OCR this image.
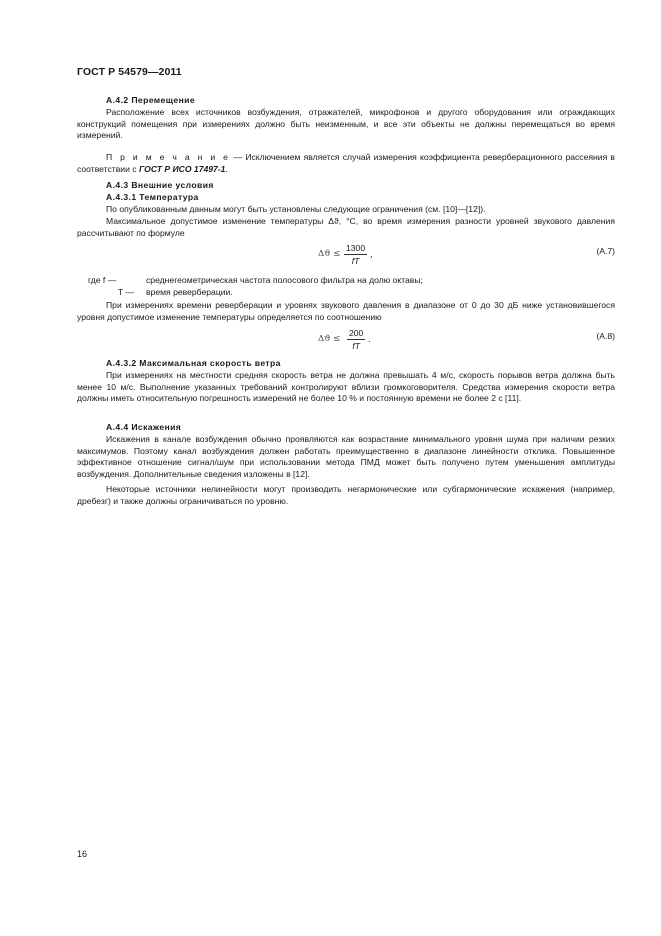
ГОСТ Р 54579—2011
А.4.2 Перемещение
Расположение всех источников возбуждения, отражателей, микрофонов и другого оборудования или ограждающих конструкций помещения при измерениях должно быть неизменным, и все эти объекты не должны перемещаться во время измерений.
П р и м е ч а н и е — Исключением является случай измерения коэффициента реверберационного рассеяния в соответствии с ГОСТ Р ИСО 17497-1.
А.4.3 Внешние условия
А.4.3.1 Температура
По опубликованным данным могут быть установлены следующие ограничения (см. [10]—[12]).
Максимальное допустимое изменение температуры Δϑ, °С, во время измерения разности уровней звукового давления рассчитывают по формуле
$\Delta ϑ \le \frac{1300}{fT}$ ,	(А.7)
где f —	среднегеометрическая частота полосового фильтра на долю октавы;
T —	время реверберации.
При измерениях времени реверберации и уровнях звукового давления в диапазоне от 0 до 30 дБ ниже установившегося уровня допустимое изменение температуры определяется по соотношению
$\Delta ϑ \le \frac{200}{fT}$ .	(А.8)
А.4.3.2 Максимальная скорость ветра
При измерениях на местности средняя скорость ветра не должна превышать 4 м/с, скорость порывов ветра должна быть менее 10 м/с. Выполнение указанных требований контролируют вблизи громкоговорителя. Средства измерения скорости ветра должны иметь относительную погрешность измерений не более 10 % и постоянную времени не более 2 с [11].
А.4.4 Искажения
Искажения в канале возбуждения обычно проявляются как возрастание минимального уровня шума при наличии резких максимумов. Поэтому канал возбуждения должен работать преимущественно в диапазоне линейности отклика. Повышенное эффективное отношение сигнал/шум при использовании метода ПМД может быть получено путем уменьшения амплитуды возбуждения. Дополнительные сведения изложены в [12].
Некоторые источники нелинейности могут производить негармонические или субгармонические искажения (например, дребезг) и также должны ограничиваться по уровню.
16
